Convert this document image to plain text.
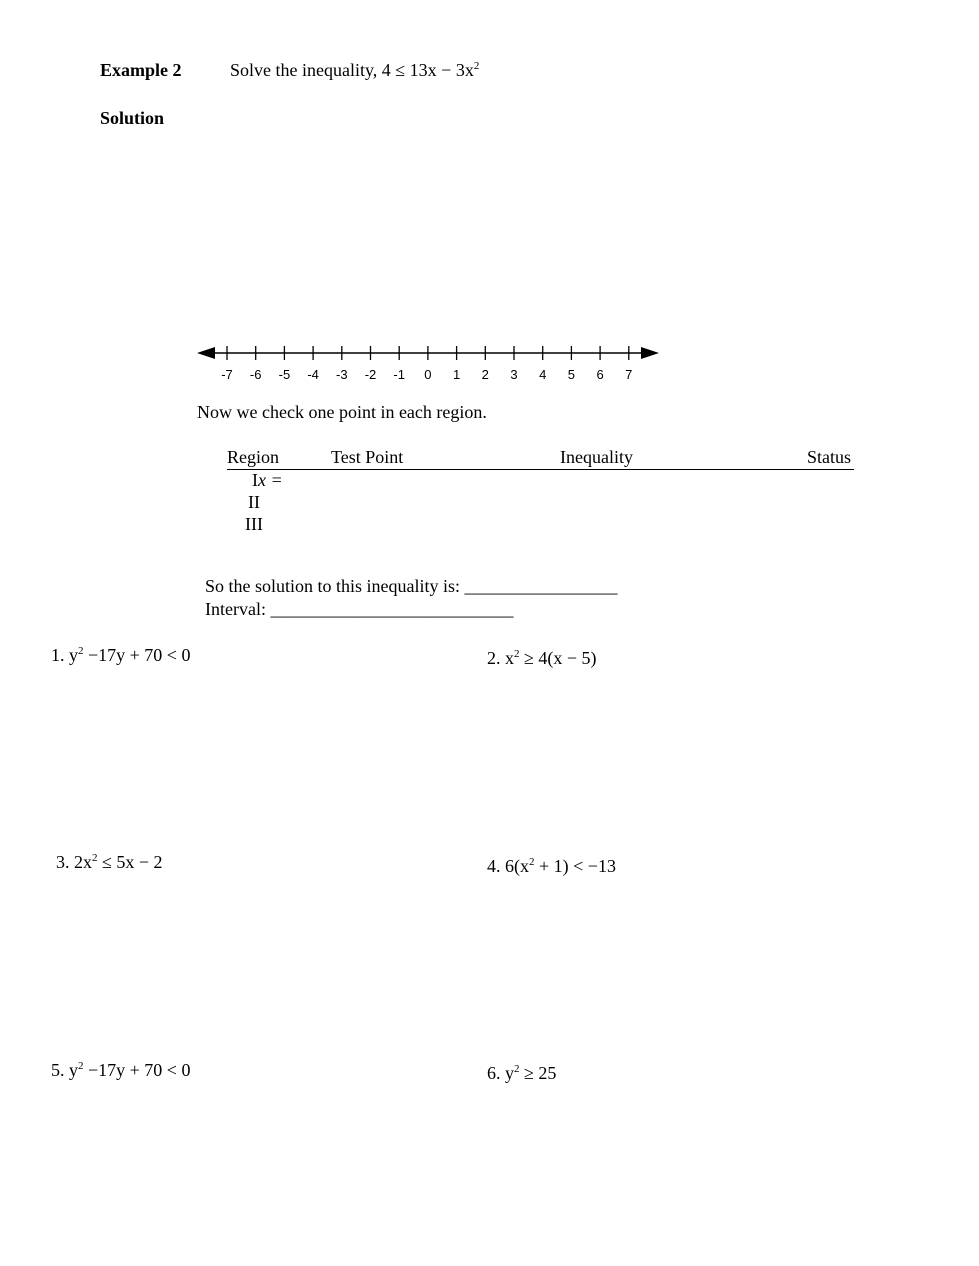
Example 2	Solve the inequality, $4 \le 13x - 3x^2$
Solution
-7 -6 -5 -4 -3 -2 -1 0 1 2 3 4 5 6 7
Now we check one point in each region.
Region	Test Point	Inequality	Status
Ix =
II
III
So the solution to this inequality is: _________________
Interval: ___________________________
1. $y^2 -17y + 70 < 0$	2. $x^2 \ge 4(x - 5)$
3. $2x^2 \le 5x - 2$	4. $6(x^2 + 1) < -13$
5. $y^2 -17y + 70 < 0$	6. $y^2 \ge 25$
